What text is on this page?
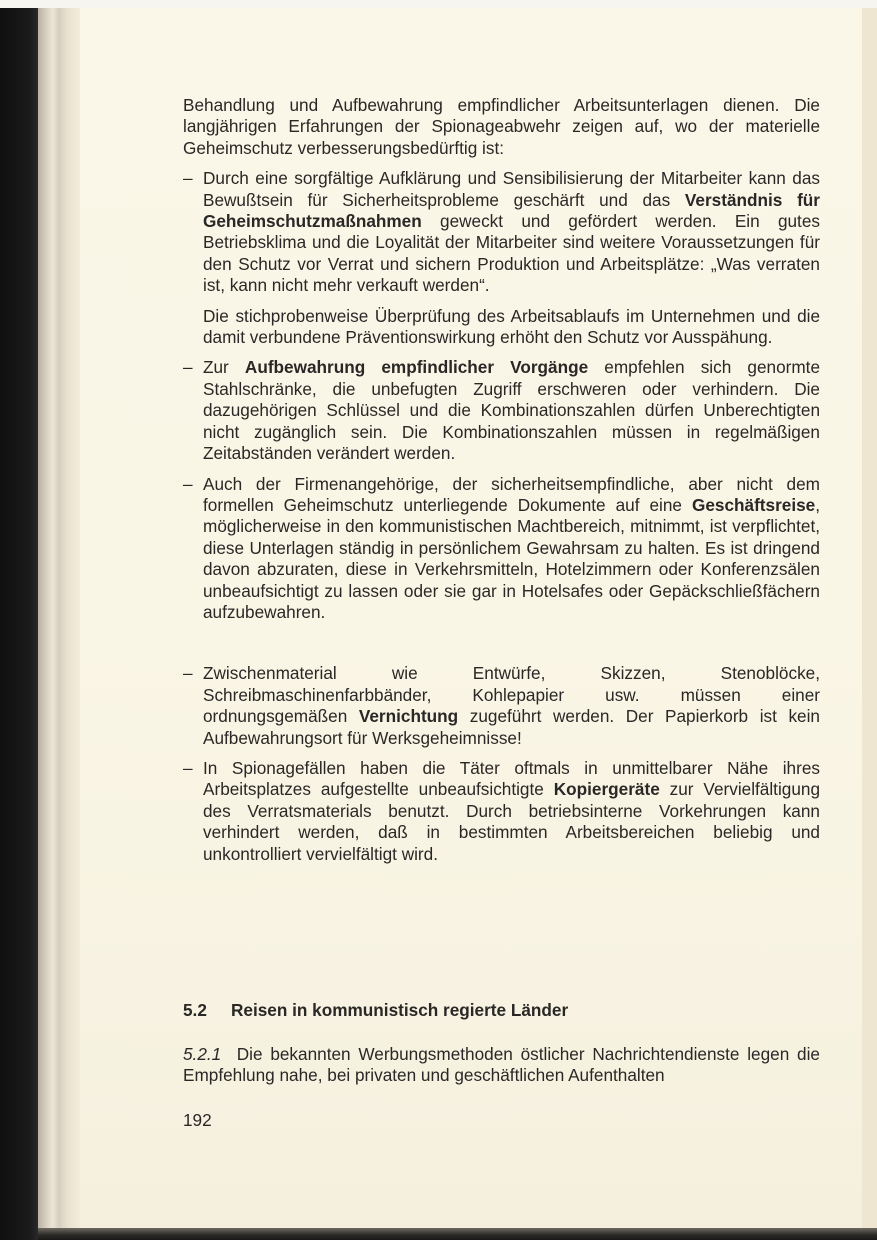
Behandlung und Aufbewahrung empfindlicher Arbeitsunterlagen dienen. Die langjährigen Erfahrungen der Spionageabwehr zeigen auf, wo der materielle Geheimschutz verbesserungsbedürftig ist:

– Durch eine sorgfältige Aufklärung und Sensibilisierung der Mitarbeiter kann das Bewußtsein für Sicherheitsprobleme geschärft und das Verständnis für Geheimschutzmaßnahmen geweckt und gefördert werden. Ein gutes Betriebsklima und die Loyalität der Mitarbeiter sind weitere Voraussetzungen für den Schutz vor Verrat und sichern Produktion und Arbeitsplätze: „Was verraten ist, kann nicht mehr verkauft werden“.

Die stichprobenweise Überprüfung des Arbeitsablaufs im Unternehmen und die damit verbundene Präventionswirkung erhöht den Schutz vor Ausspähung.

– Zur Aufbewahrung empfindlicher Vorgänge empfehlen sich genormte Stahlschränke, die unbefugten Zugriff erschweren oder verhindern. Die dazugehörigen Schlüssel und die Kombinationszahlen dürfen Unberechtigten nicht zugänglich sein. Die Kombinationszahlen müssen in regelmäßigen Zeitabständen verändert werden.

– Auch der Firmenangehörige, der sicherheitsempfindliche, aber nicht dem formellen Geheimschutz unterliegende Dokumente auf eine Geschäftsreise, möglicherweise in den kommunistischen Machtbereich, mitnimmt, ist verpflichtet, diese Unterlagen ständig in persönlichem Gewahrsam zu halten. Es ist dringend davon abzuraten, diese in Verkehrsmitteln, Hotelzimmern oder Konferenzsälen unbeaufsichtigt zu lassen oder sie gar in Hotelsafes oder Gepäckschließfächern aufzubewahren.

– Zwischenmaterial wie Entwürfe, Skizzen, Stenoblöcke, Schreibmaschinenfarbbänder, Kohlepapier usw. müssen einer ordnungsgemäßen Vernichtung zugeführt werden. Der Papierkorb ist kein Aufbewahrungsort für Werksgeheimnisse!

– In Spionagefällen haben die Täter oftmals in unmittelbarer Nähe ihres Arbeitsplatzes aufgestellte unbeaufsichtigte Kopiergeräte zur Vervielfältigung des Verratsmaterials benutzt. Durch betriebsinterne Vorkehrungen kann verhindert werden, daß in bestimmten Arbeitsbereichen beliebig und unkontrolliert vervielfältigt wird.

5.2 Reisen in kommunistisch regierte Länder
5.2.1 Die bekannten Werbungsmethoden östlicher Nachrichtendienste legen die Empfehlung nahe, bei privaten und geschäftlichen Aufenthalten
192
